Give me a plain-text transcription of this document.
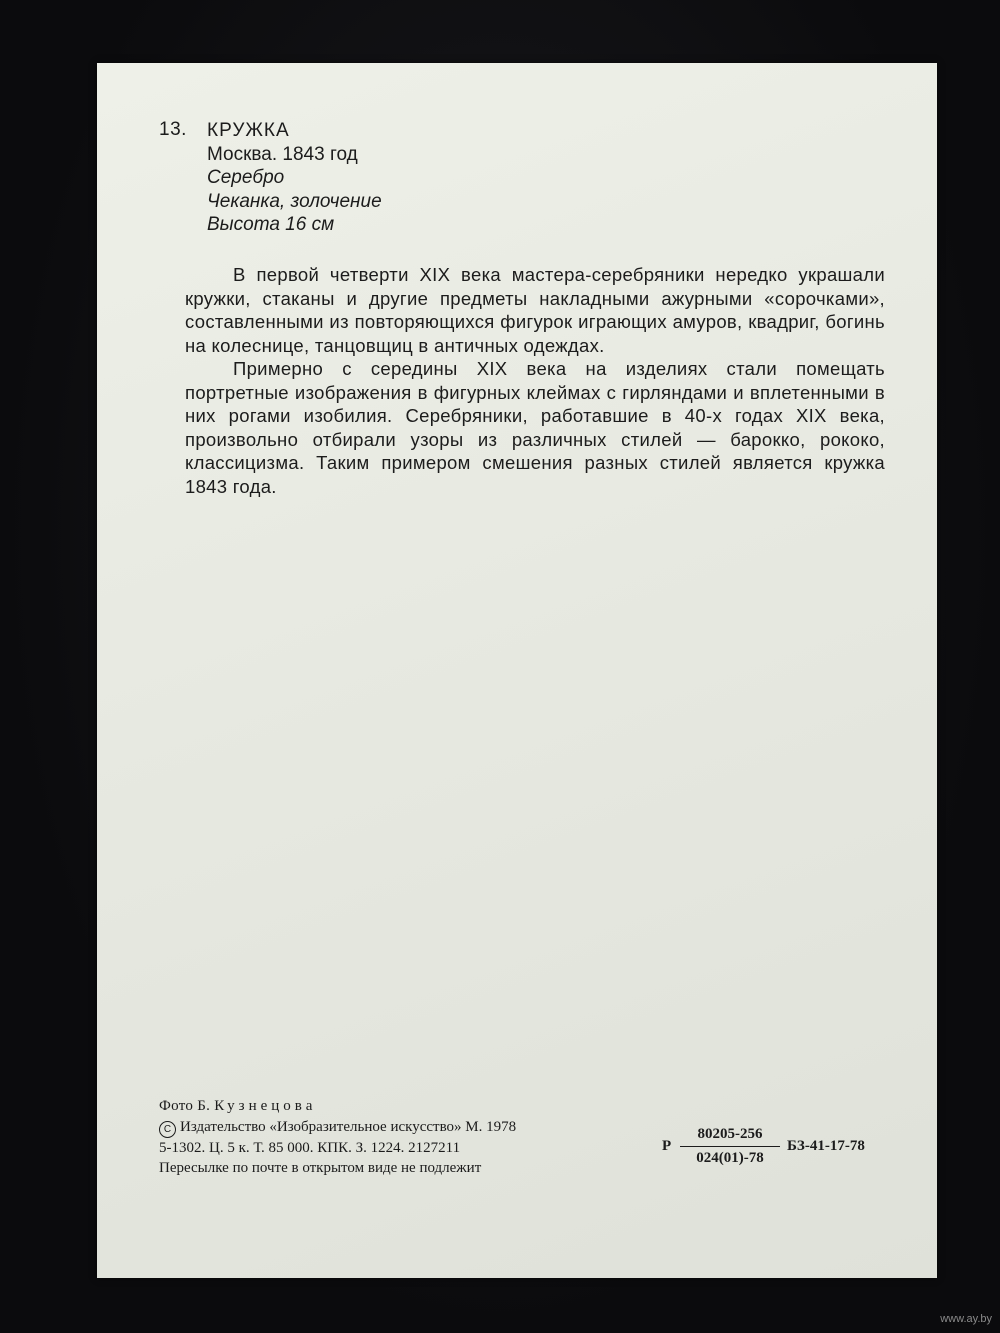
13. КРУЖКА
Москва. 1843 год
Серебро
Чеканка, золочение
Высота 16 см

В первой четверти XIX века мастера-серебряники нередко украшали кружки, стаканы и другие предметы накладными ажурными «сорочками», составленными из повторяющихся фигурок играющих амуров, квадриг, богинь на колеснице, танцовщиц в античных одеждах.

Примерно с середины XIX века на изделиях стали помещать портретные изображения в фигурных клеймах с гирляндами и вплетенными в них рогами изобилия. Серебряники, работавшие в 40-х годах XIX века, произвольно отбирали узоры из различных стилей — барокко, рококо, классицизма. Таким примером смешения разных стилей является кружка 1843 года.

Фото Б. Кузнецова
C Издательство «Изобразительное искусство» М. 1978
5-1302. Ц. 5 к. Т. 85 000. КПК. З. 1224. 2127211
Пересылке по почте в открытом виде не подлежит
Р $\frac{80205-256}{024(01)-78} БЗ-41-17-78$
www.ay.by
